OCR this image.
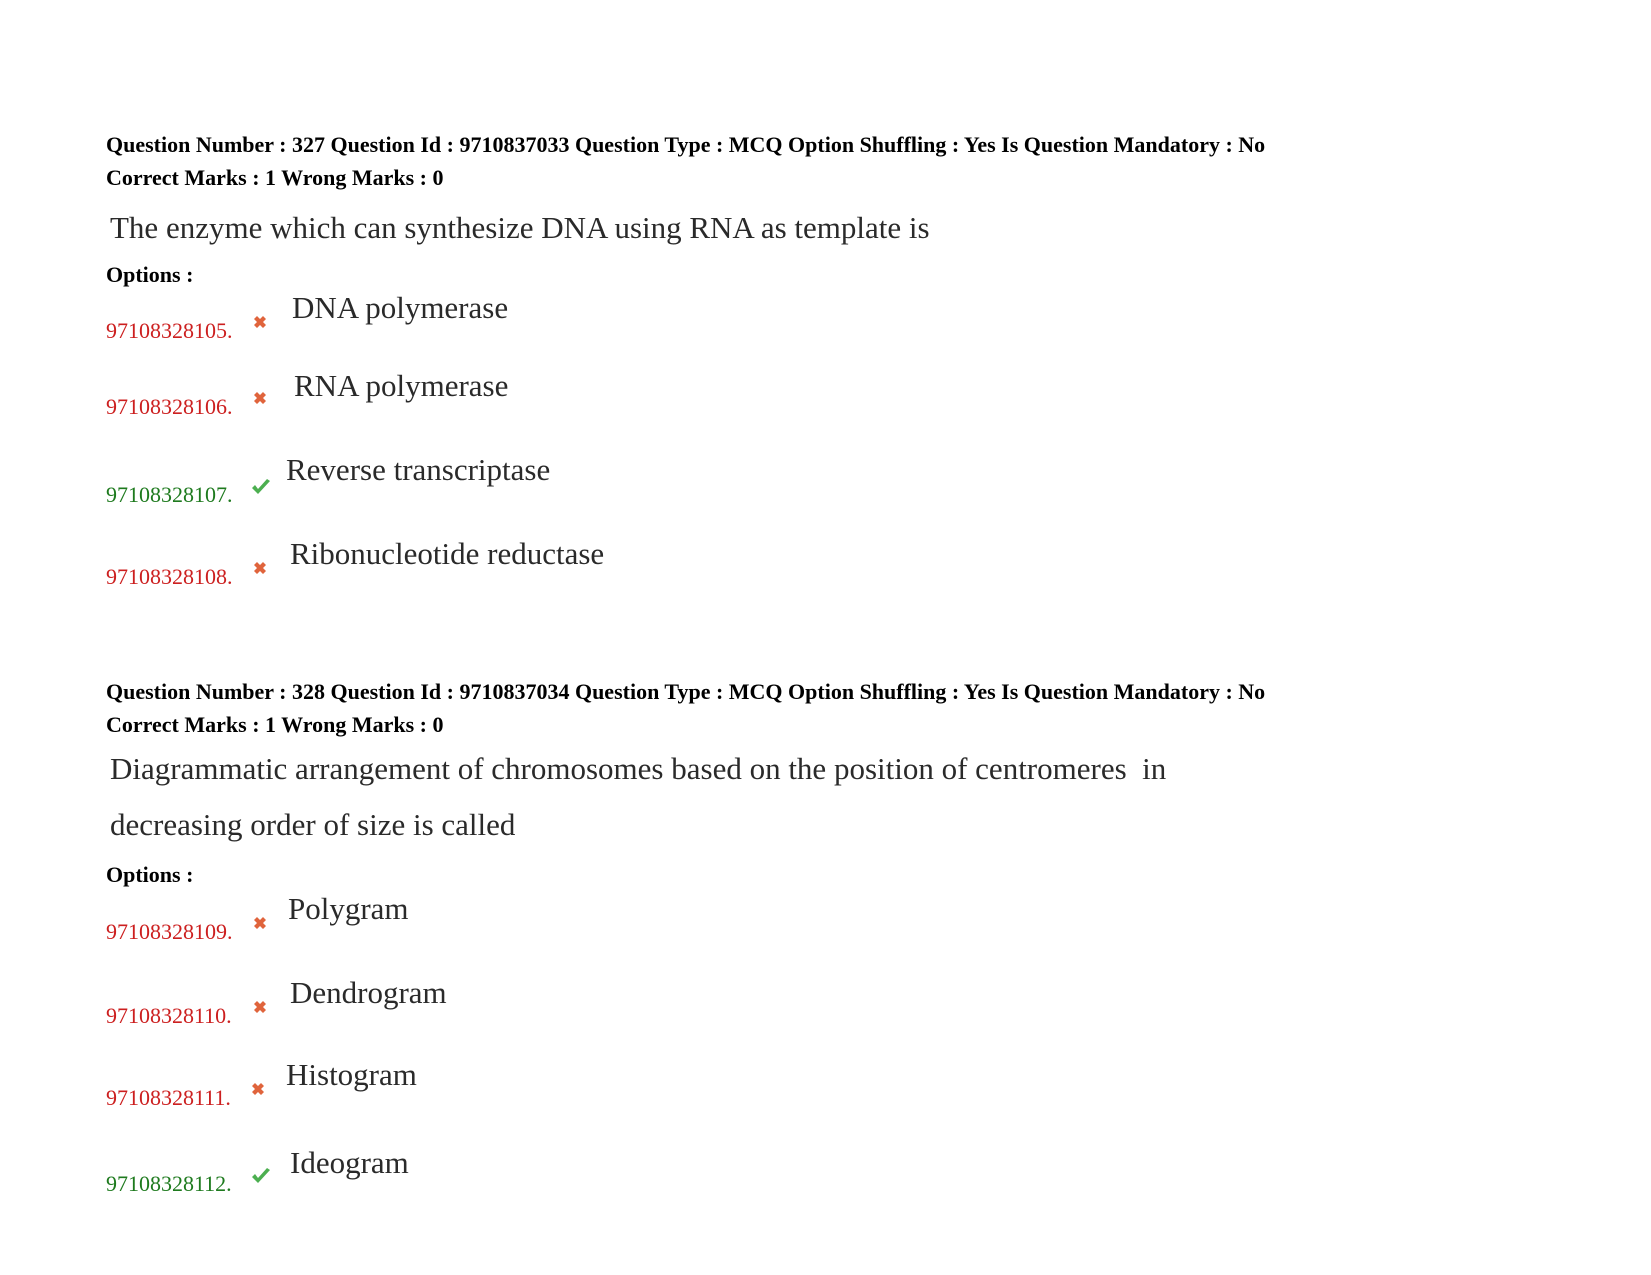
Question Number : 327 Question Id : 9710837033 Question Type : MCQ Option Shuffling : Yes Is Question Mandatory : No
Correct Marks : 1 Wrong Marks : 0
The enzyme which can synthesize DNA using RNA as template is
Options :
97108328105.
DNA polymerase
97108328106.
RNA polymerase
97108328107.
Reverse transcriptase
97108328108.
Ribonucleotide reductase
Question Number : 328 Question Id : 9710837034 Question Type : MCQ Option Shuffling : Yes Is Question Mandatory : No
Correct Marks : 1 Wrong Marks : 0
Diagrammatic arrangement of chromosomes based on the position of centromeres  in
decreasing order of size is called
Options :
97108328109.
Polygram
97108328110.
Dendrogram
97108328111.
Histogram
97108328112.
Ideogram
